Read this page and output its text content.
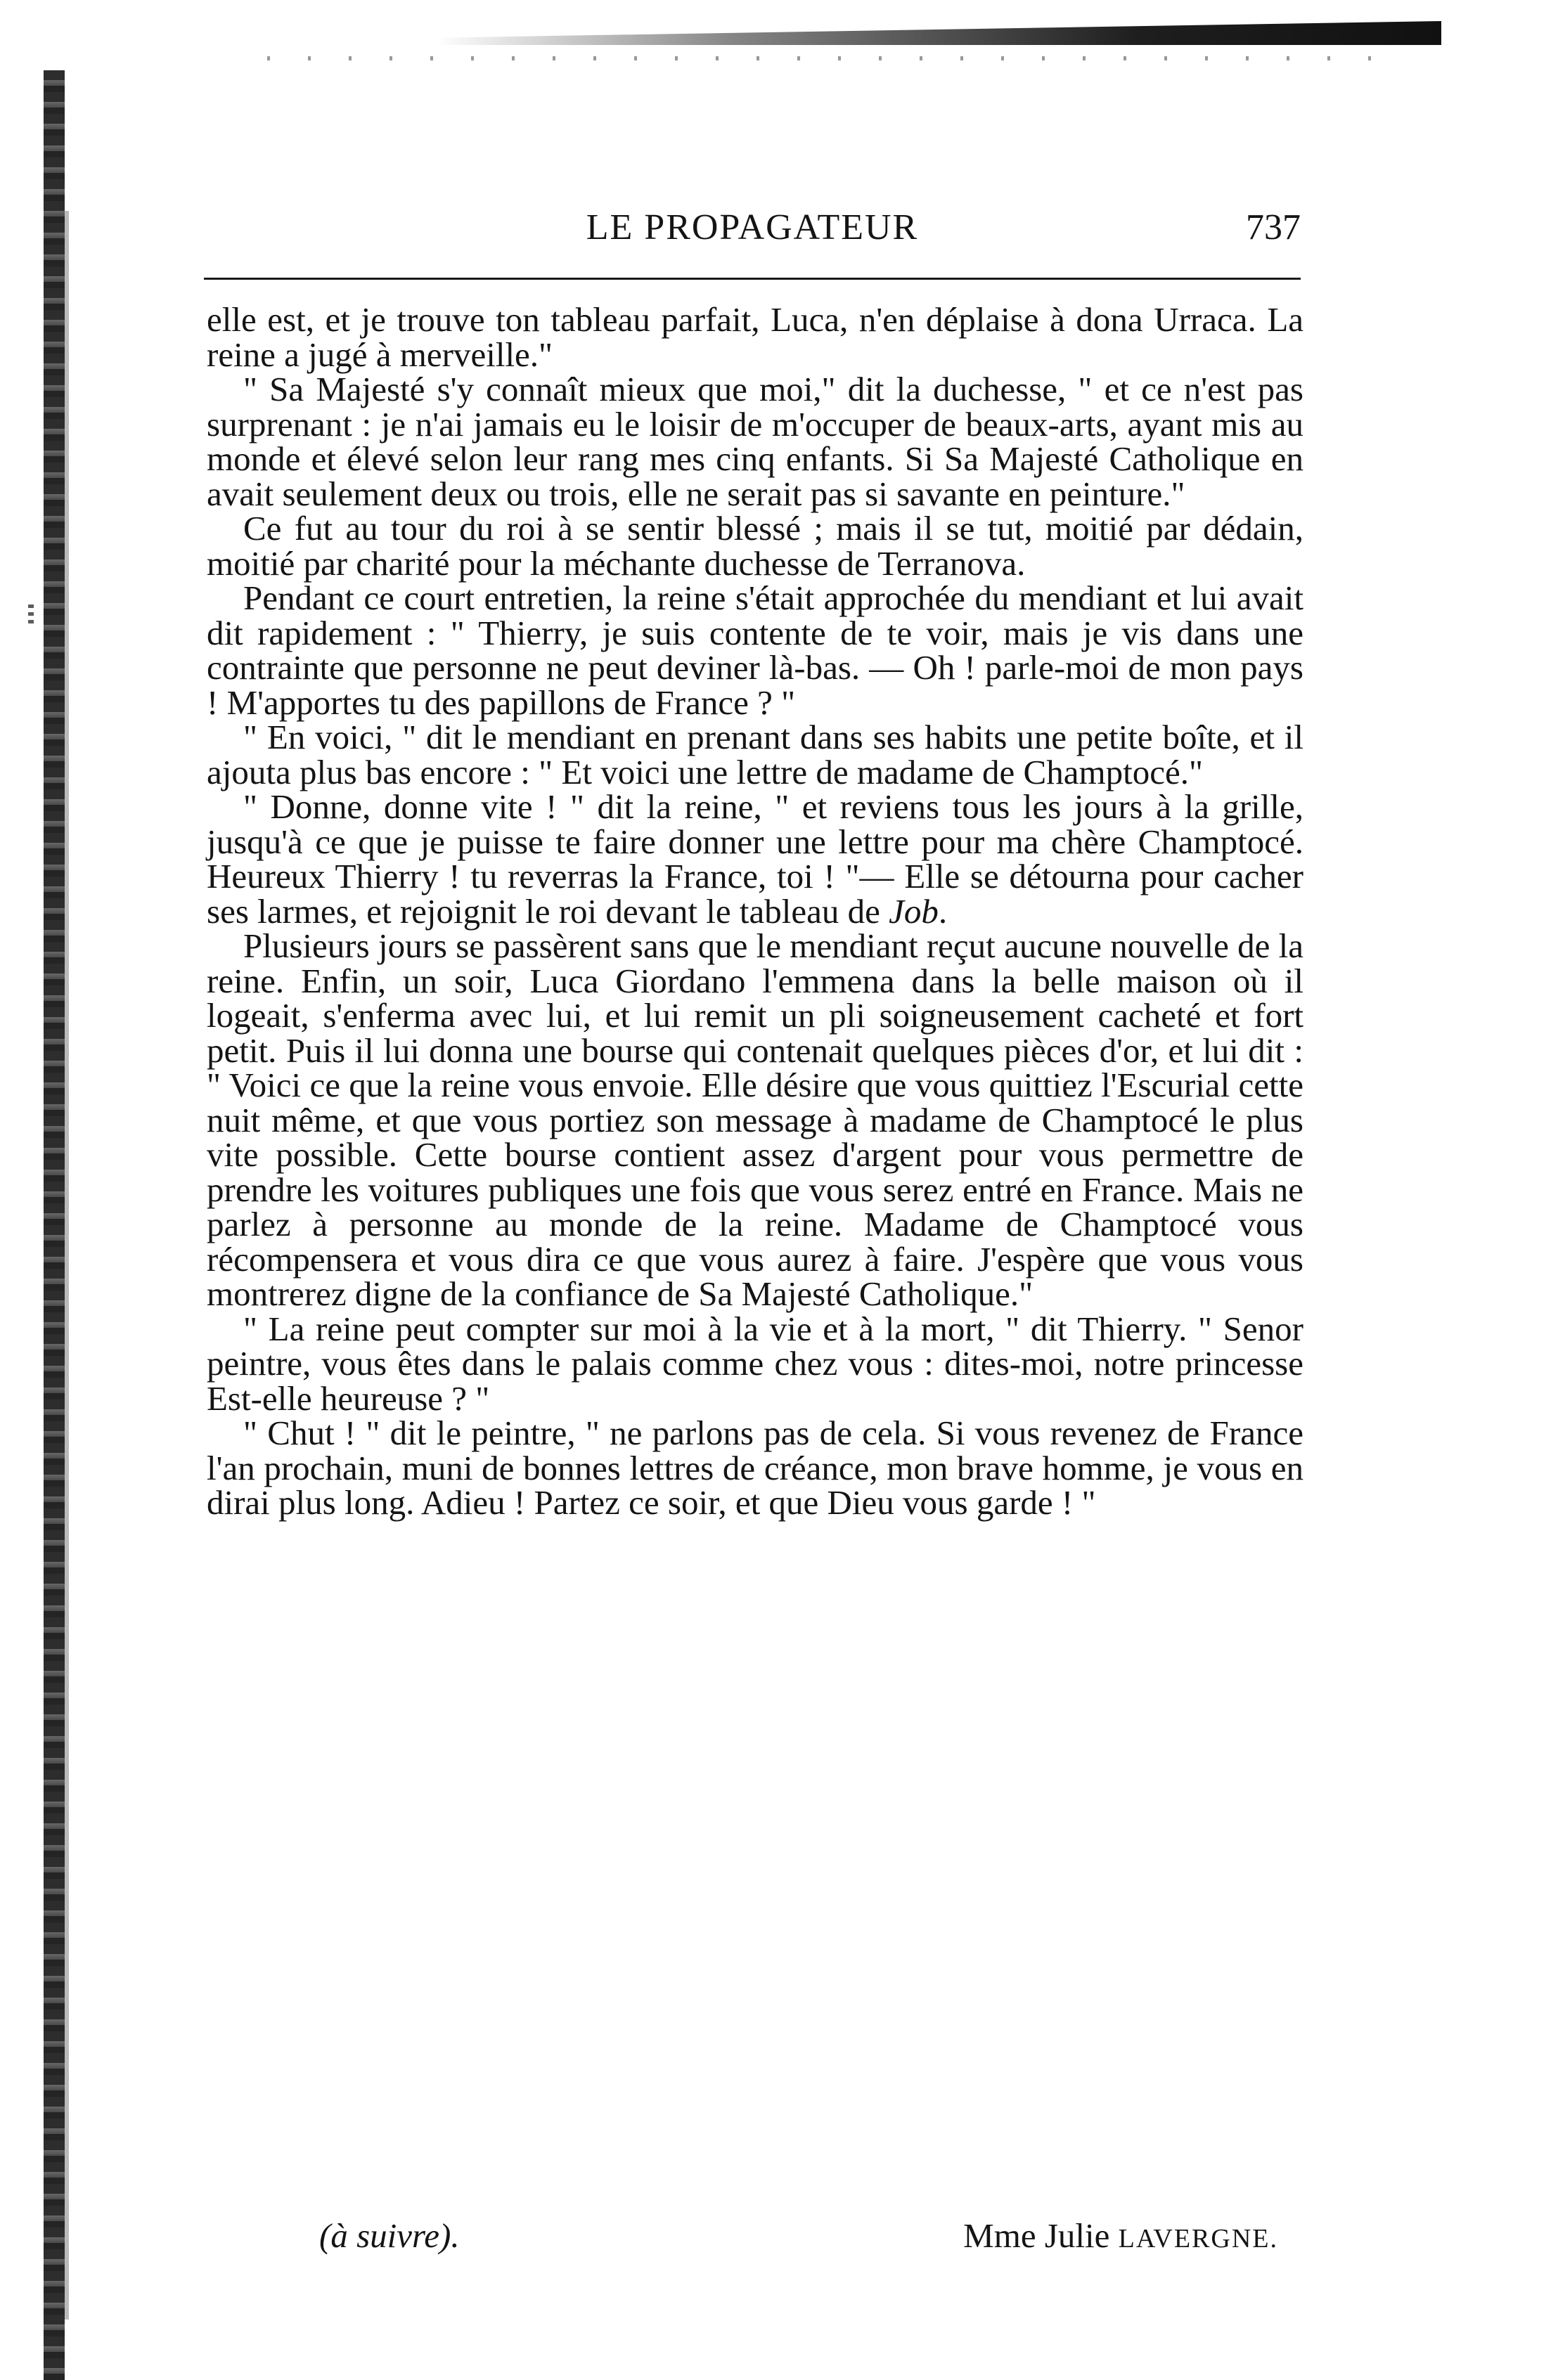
LE PROPAGATEUR	737

elle est, et je trouve ton tableau parfait, Luca, n'en déplaise à dona Urraca. La reine a jugé à merveille."

" Sa Majesté s'y connaît mieux que moi," dit la duchesse, " et ce n'est pas surprenant : je n'ai jamais eu le loisir de m'occuper de beaux-arts, ayant mis au monde et élevé selon leur rang mes cinq enfants. Si Sa Majesté Catholique en avait seulement deux ou trois, elle ne serait pas si savante en peinture."

Ce fut au tour du roi à se sentir blessé ; mais il se tut, moitié par dédain, moitié par charité pour la méchante duchesse de Terranova.

Pendant ce court entretien, la reine s'était approchée du mendiant et lui avait dit rapidement : " Thierry, je suis contente de te voir, mais je vis dans une contrainte que personne ne peut deviner là-bas. — Oh ! parle-moi de mon pays ! M'apportes tu des papillons de France ? "

" En voici, " dit le mendiant en prenant dans ses habits une petite boîte, et il ajouta plus bas encore : " Et voici une lettre de madame de Champtocé."

" Donne, donne vite ! " dit la reine, " et reviens tous les jours à la grille, jusqu'à ce que je puisse te faire donner une lettre pour ma chère Champtocé. Heureux Thierry ! tu reverras la France, toi ! "— Elle se détourna pour cacher ses larmes, et rejoignit le roi devant le tableau de Job.

Plusieurs jours se passèrent sans que le mendiant reçut aucune nouvelle de la reine. Enfin, un soir, Luca Giordano l'emmena dans la belle maison où il logeait, s'enferma avec lui, et lui remit un pli soigneusement cacheté et fort petit. Puis il lui donna une bourse qui contenait quelques pièces d'or, et lui dit : " Voici ce que la reine vous envoie. Elle désire que vous quittiez l'Escurial cette nuit même, et que vous portiez son message à madame de Champtocé le plus vite possible. Cette bourse contient assez d'argent pour vous permettre de prendre les voitures publiques une fois que vous serez entré en France. Mais ne parlez à personne au monde de la reine. Madame de Champtocé vous récompensera et vous dira ce que vous aurez à faire. J'espère que vous vous montrerez digne de la confiance de Sa Majesté Catholique."

" La reine peut compter sur moi à la vie et à la mort, " dit Thierry. " Senor peintre, vous êtes dans le palais comme chez vous : dites-moi, notre princesse Est-elle heureuse ? "

" Chut ! " dit le peintre, " ne parlons pas de cela. Si vous revenez de France l'an prochain, muni de bonnes lettres de créance, mon brave homme, je vous en dirai plus long. Adieu ! Partez ce soir, et que Dieu vous garde ! "

(à suivre).	Mme Julie LAVERGNE.
